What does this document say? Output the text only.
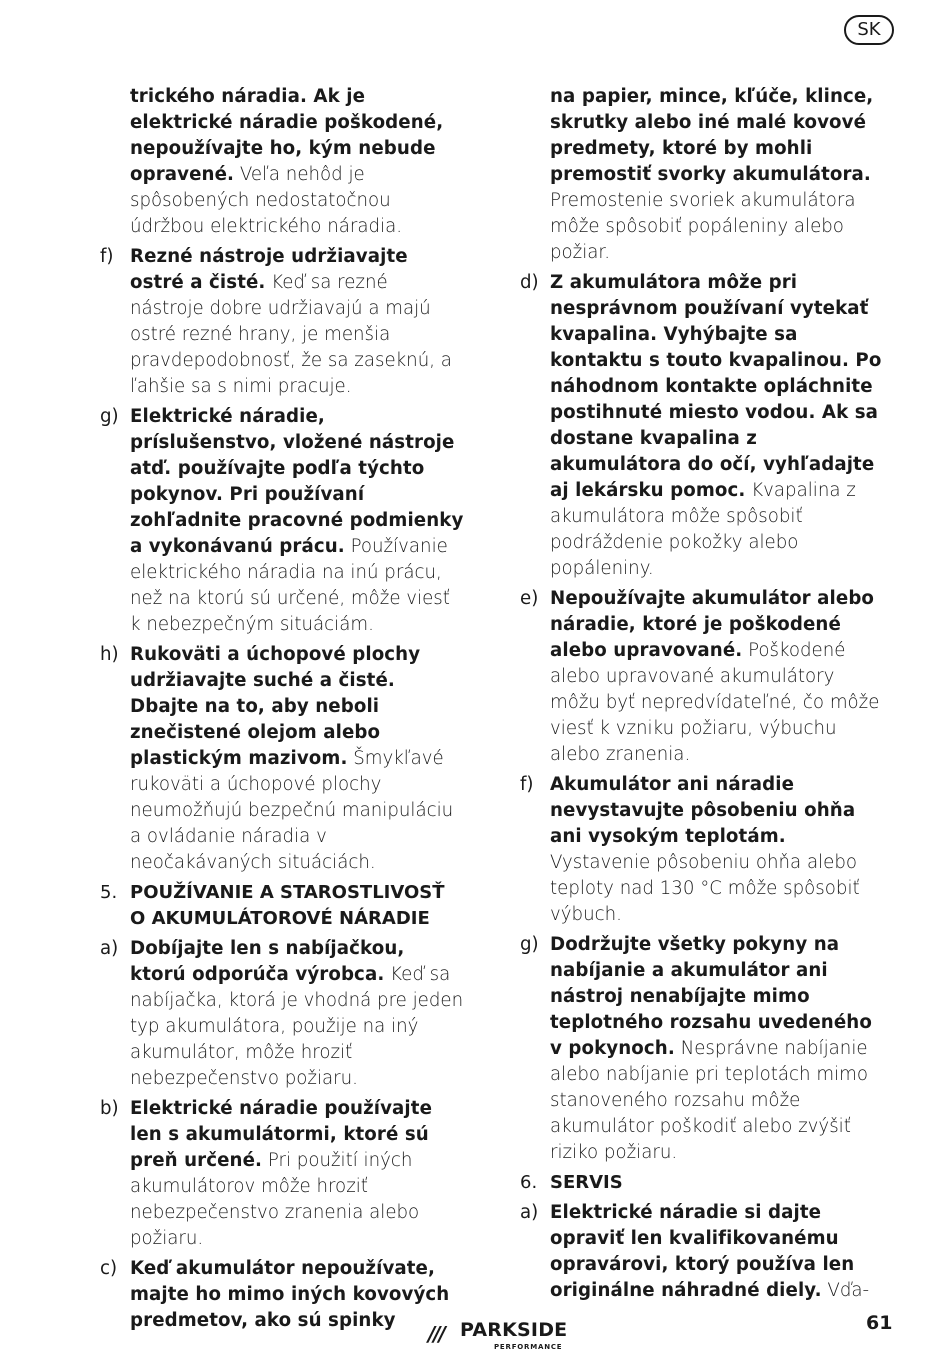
SK

trického náradia. Ak je elektrické náradie poškodené, nepoužívajte ho, kým nebude opravené. Veľa nehôd je spôsobených nedostatočnou údržbou elektrického náradia.

f) Rezné nástroje udržiavajte ostré a čisté. Keď sa rezné nástroje dobre udržiavajú a majú ostré rezné hrany, je menšia pravdepodobnosť, že sa zaseknú, a ľahšie sa s nimi pracuje.

g) Elektrické náradie, príslušenstvo, vložené nástroje atď. používajte podľa týchto pokynov. Pri používaní zohľadnite pracovné podmienky a vykonávanú prácu. Používanie elektrického náradia na inú prácu, než na ktorú sú určené, môže viesť k nebezpečným situáciám.

h) Rukoväti a úchopové plochy udržiavajte suché a čisté. Dbajte na to, aby neboli znečistené olejom alebo plastickým mazivom. Šmykľavé rukoväti a úchopové plochy neumožňujú bezpečnú manipuláciu a ovládanie náradia v neočakávaných situáciách.

5. POUŽÍVANIE A STAROSTLIVOSŤ O AKUMULÁTOROVÉ NÁRADIE

a) Dobíjajte len s nabíjačkou, ktorú odporúča výrobca. Keď sa nabíjačka, ktorá je vhodná pre jeden typ akumulátora, použije na iný akumulátor, môže hroziť nebezpečenstvo požiaru.

b) Elektrické náradie používajte len s akumulátormi, ktoré sú preň určené. Pri použití iných akumulátorov môže hroziť nebezpečenstvo zranenia alebo požiaru.

c) Keď akumulátor nepoužívate, majte ho mimo iných kovových predmetov, ako sú spinky

na papier, mince, kľúče, klince, skrutky alebo iné malé kovové predmety, ktoré by mohli premostiť svorky akumulátora. Premostenie svoriek akumulátora môže spôsobiť popáleniny alebo požiar.

d) Z akumulátora môže pri nesprávnom používaní vytekať kvapalina. Vyhýbajte sa kontaktu s touto kvapalinou. Po náhodnom kontakte opláchnite postihnuté miesto vodou. Ak sa dostane kvapalina z akumulátora do očí, vyhľadajte aj lekársku pomoc. Kvapalina z akumulátora môže spôsobiť podráždenie pokožky alebo popáleniny.

e) Nepoužívajte akumulátor alebo náradie, ktoré je poškodené alebo upravované. Poškodené alebo upravované akumulátory môžu byť nepredvídateľné, čo môže viesť k vzniku požiaru, výbuchu alebo zranenia.

f) Akumulátor ani náradie nevystavujte pôsobeniu ohňa ani vysokým teplotám. Vystavenie pôsobeniu ohňa alebo teploty nad 130 °C môže spôsobiť výbuch.

g) Dodržujte všetky pokyny na nabíjanie a akumulátor ani nástroj nenabíjajte mimo teplotného rozsahu uvedeného v pokynoch. Nesprávne nabíjanie alebo nabíjanie pri teplotách mimo stanoveného rozsahu môže akumulátor poškodiť alebo zvýšiť riziko požiaru.

6. SERVIS

a) Elektrické náradie si dajte opraviť len kvalifikovanému opravárovi, ktorý používa len originálne náhradné diely. Vďa-

/// PARKSIDE
PERFORMANCE
61
